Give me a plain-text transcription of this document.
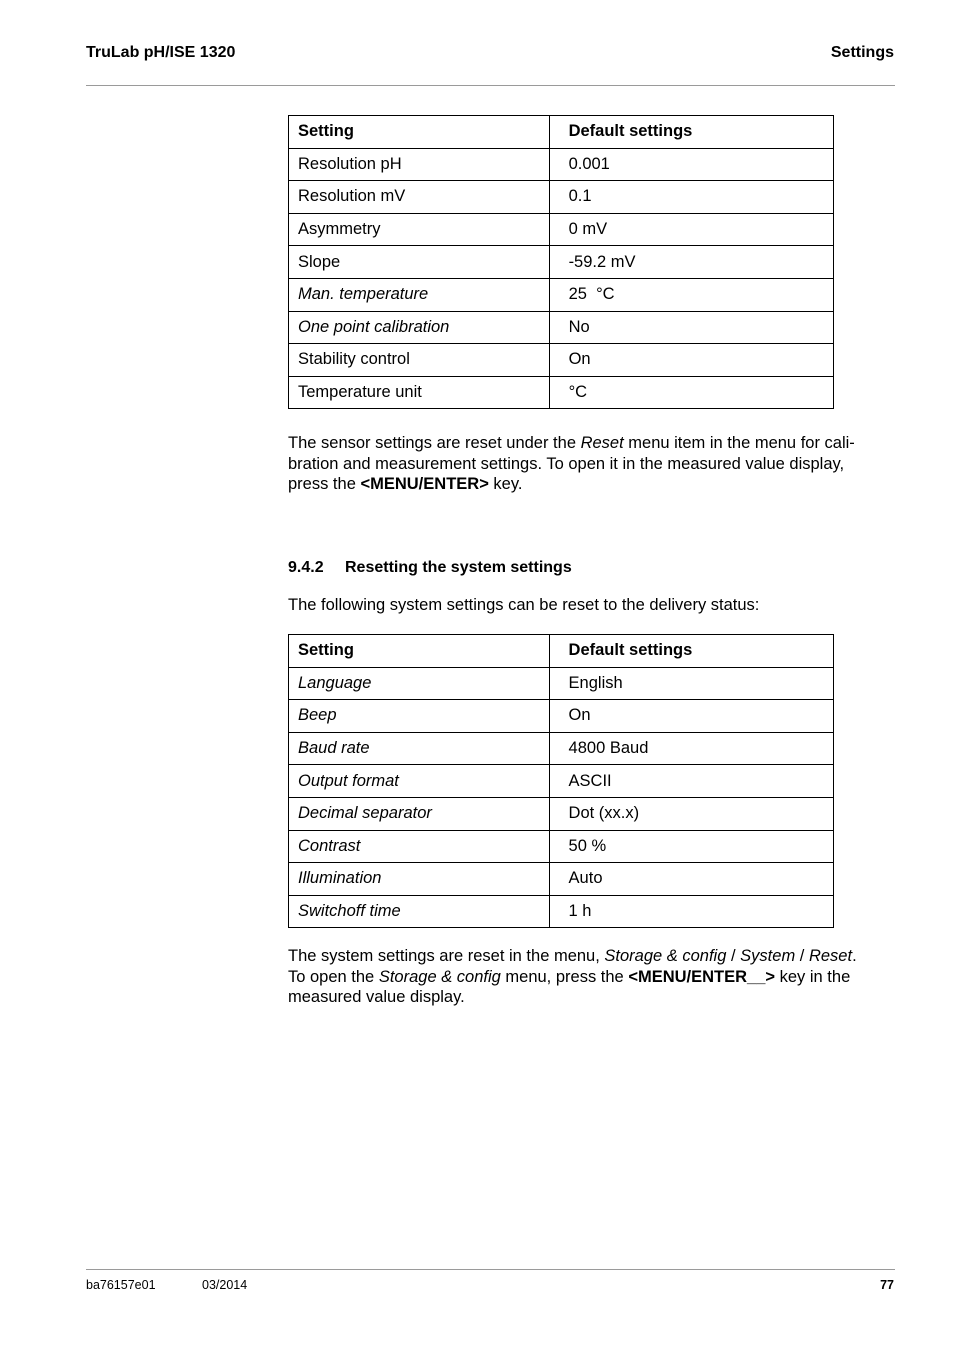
TruLab pH/ISE 1320	Settings
Setting	Default settings
Resolution pH	0.001
Resolution mV	0.1
Asymmetry	0 mV
Slope	-59.2 mV
Man. temperature	25  °C
One point calibration	No
Stability control	On
Temperature unit	°C
The sensor settings are reset under the Reset menu item in the menu for cali-
bration and measurement settings. To open it in the measured value display,
press the <MENU/ENTER> key.
9.4.2 Resetting the system settings
The following system settings can be reset to the delivery status:
Setting	Default settings
Language	English
Beep	On
Baud rate	4800 Baud
Output format	ASCII
Decimal separator	Dot (xx.x)
Contrast	50 %
Illumination	Auto
Switchoff time	1 h
The system settings are reset in the menu, Storage & config / System / Reset.
To open the Storage & config menu, press the <MENU/ENTER__> key in the
measured value display.
ba76157e01	03/2014	77
